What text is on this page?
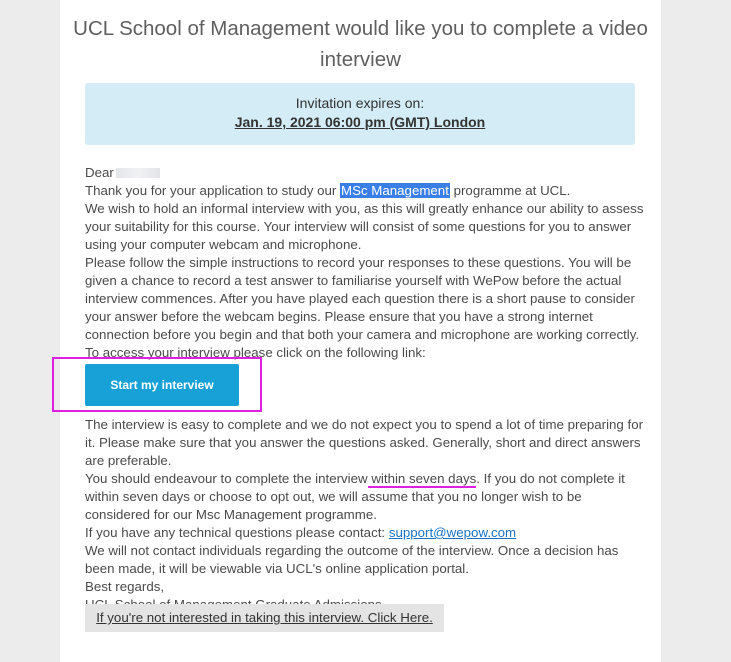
UCL School of Management would like you to complete a video interview
Invitation expires on:
Jan. 19, 2021 06:00 pm (GMT) London

Dear

Thank you for your application to study our MSc Management programme at UCL.

We wish to hold an informal interview with you, as this will greatly enhance our ability to assess your suitability for this course. Your interview will consist of some questions for you to answer using your computer webcam and microphone.

Please follow the simple instructions to record your responses to these questions. You will be given a chance to record a test answer to familiarise yourself with WePow before the actual interview commences. After you have played each question there is a short pause to consider your answer before the webcam begins. Please ensure that you have a strong internet connection before you begin and that both your camera and microphone are working correctly.

To access your interview please click on the following link:

The interview is easy to complete and we do not expect you to spend a lot of time preparing for it. Please make sure that you answer the questions asked. Generally, short and direct answers are preferable.

You should endeavour to complete the interview within seven days. If you do not complete it within seven days or choose to opt out, we will assume that you no longer wish to be considered for our Msc Management programme.

If you have any technical questions please contact: support@wepow.com

We will not contact individuals regarding the outcome of the interview. Once a decision has been made, it will be viewable via UCL's online application portal.

Best regards,

Start my interview
If you're not interested in taking this interview. Click Here.
